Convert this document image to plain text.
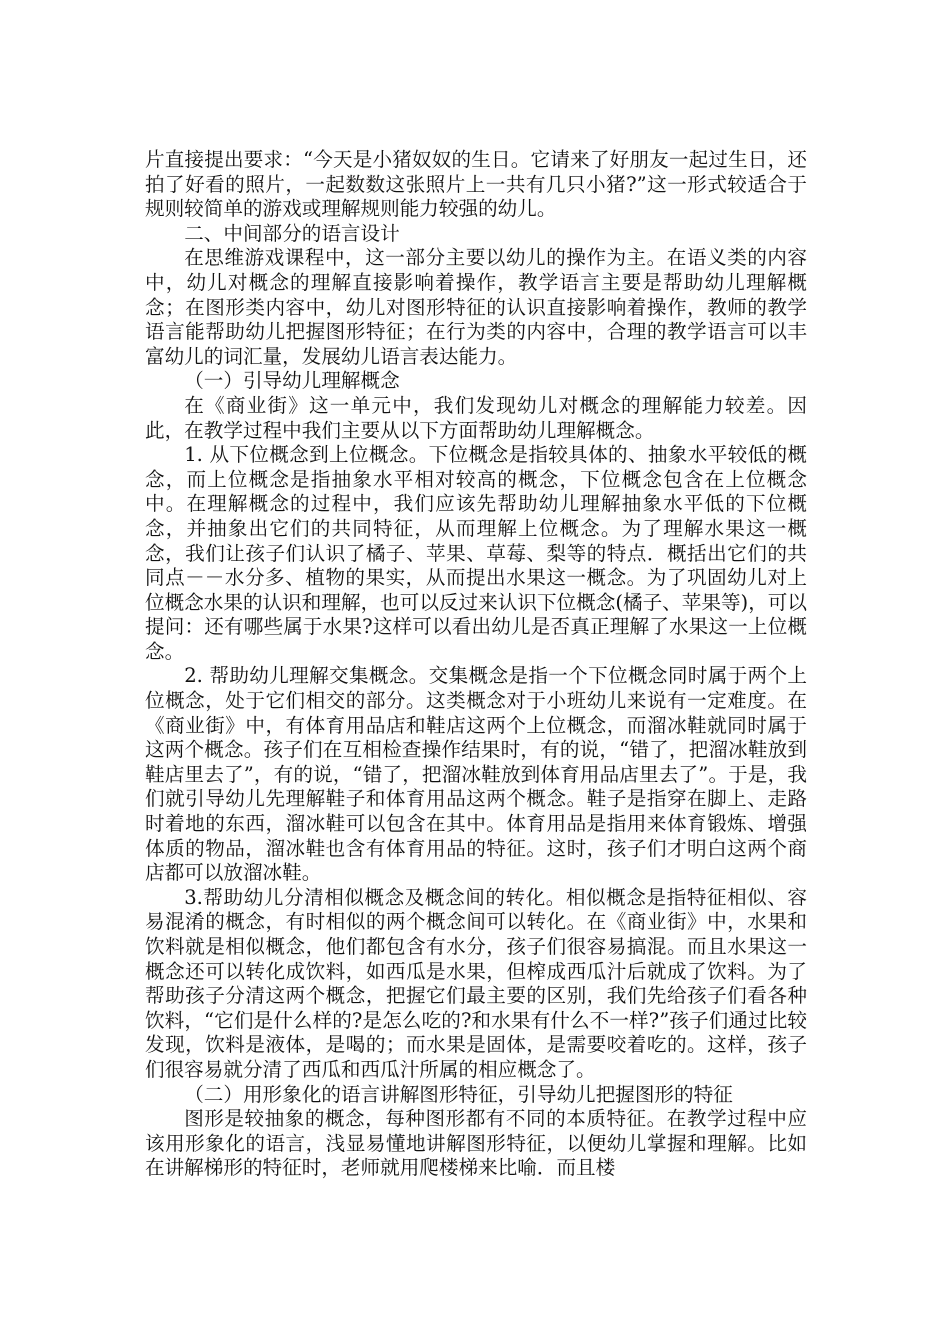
片直接提出要求：“今天是小猪奴奴的生日。它请来了好朋友一起过生日，还拍了好看的照片，一起数数这张照片上一共有几只小猪?”这一形式较适合于规则较简单的游戏或理解规则能力较强的幼儿。

二、中间部分的语言设计

在思维游戏课程中，这一部分主要以幼儿的操作为主。在语义类的内容中，幼儿对概念的理解直接影响着操作，教学语言主要是帮助幼儿理解概念；在图形类内容中，幼儿对图形特征的认识直接影响着操作，教师的教学语言能帮助幼儿把握图形特征；在行为类的内容中，合理的教学语言可以丰富幼儿的词汇量，发展幼儿语言表达能力。

（一）引导幼儿理解概念

在《商业街》这一单元中，我们发现幼儿对概念的理解能力较差。因此，在教学过程中我们主要从以下方面帮助幼儿理解概念。

1. 从下位概念到上位概念。下位概念是指较具体的、抽象水平较低的概念，而上位概念是指抽象水平相对较高的概念，下位概念包含在上位概念中。在理解概念的过程中，我们应该先帮助幼儿理解抽象水平低的下位概念，并抽象出它们的共同特征，从而理解上位概念。为了理解水果这一概念，我们让孩子们认识了橘子、苹果、草莓、梨等的特点．概括出它们的共同点－－水分多、植物的果实，从而提出水果这一概念。为了巩固幼儿对上位概念水果的认识和理解，也可以反过来认识下位概念(橘子、苹果等)，可以提问：还有哪些属于水果?这样可以看出幼儿是否真正理解了水果这一上位概念。

2. 帮助幼儿理解交集概念。交集概念是指一个下位概念同时属于两个上位概念，处于它们相交的部分。这类概念对于小班幼儿来说有一定难度。在《商业街》中，有体育用品店和鞋店这两个上位概念，而溜冰鞋就同时属于这两个概念。孩子们在互相检查操作结果时，有的说，“错了，把溜冰鞋放到鞋店里去了”，有的说，“错了，把溜冰鞋放到体育用品店里去了”。于是，我们就引导幼儿先理解鞋子和体育用品这两个概念。鞋子是指穿在脚上、走路时着地的东西，溜冰鞋可以包含在其中。体育用品是指用来体育锻炼、增强体质的物品，溜冰鞋也含有体育用品的特征。这时，孩子们才明白这两个商店都可以放溜冰鞋。

3.帮助幼儿分清相似概念及概念间的转化。相似概念是指特征相似、容易混淆的概念，有时相似的两个概念间可以转化。在《商业街》中，水果和饮料就是相似概念，他们都包含有水分，孩子们很容易搞混。而且水果这一概念还可以转化成饮料，如西瓜是水果，但榨成西瓜汁后就成了饮料。为了帮助孩子分清这两个概念，把握它们最主要的区别，我们先给孩子们看各种饮料，“它们是什么样的?是怎么吃的?和水果有什么不一样?”孩子们通过比较发现，饮料是液体，是喝的；而水果是固体，是需要咬着吃的。这样，孩子们很容易就分清了西瓜和西瓜汁所属的相应概念了。

（二）用形象化的语言讲解图形特征，引导幼儿把握图形的特征

图形是较抽象的概念，每种图形都有不同的本质特征。在教学过程中应该用形象化的语言，浅显易懂地讲解图形特征，以便幼儿掌握和理解。比如在讲解梯形的特征时，老师就用爬楼梯来比喻．而且楼
